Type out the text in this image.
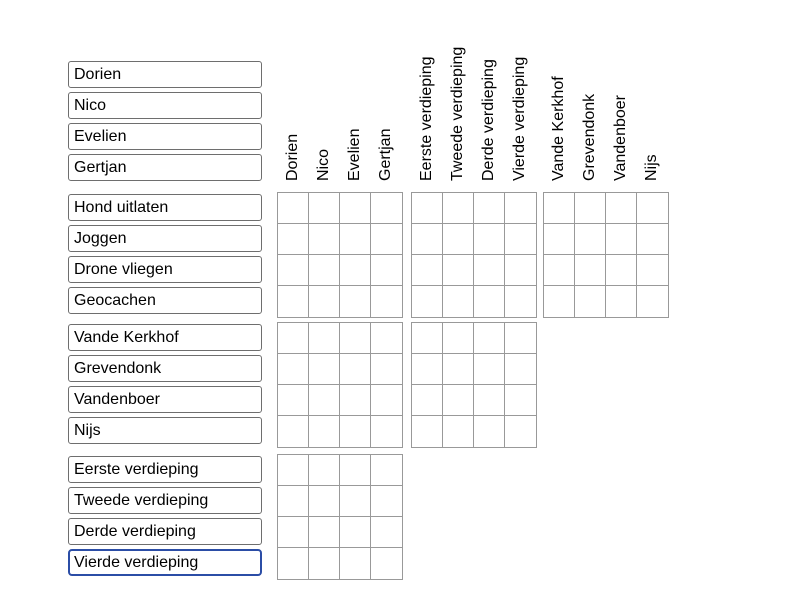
Dorien Nico Evelien Gertjan	Eerste verdieping Tweede verdieping Derde verdieping Vierde verdieping	Vande Kerkhof Grevendonk Vandenboer Nijs
Dorien
Nico
Evelien
Gertjan
Hond uitlaten
Joggen
Drone vliegen
Geocachen
Vande Kerkhof
Grevendonk
Vandenboer
Nijs
Eerste verdieping
Tweede verdieping
Derde verdieping
Vierde verdieping
